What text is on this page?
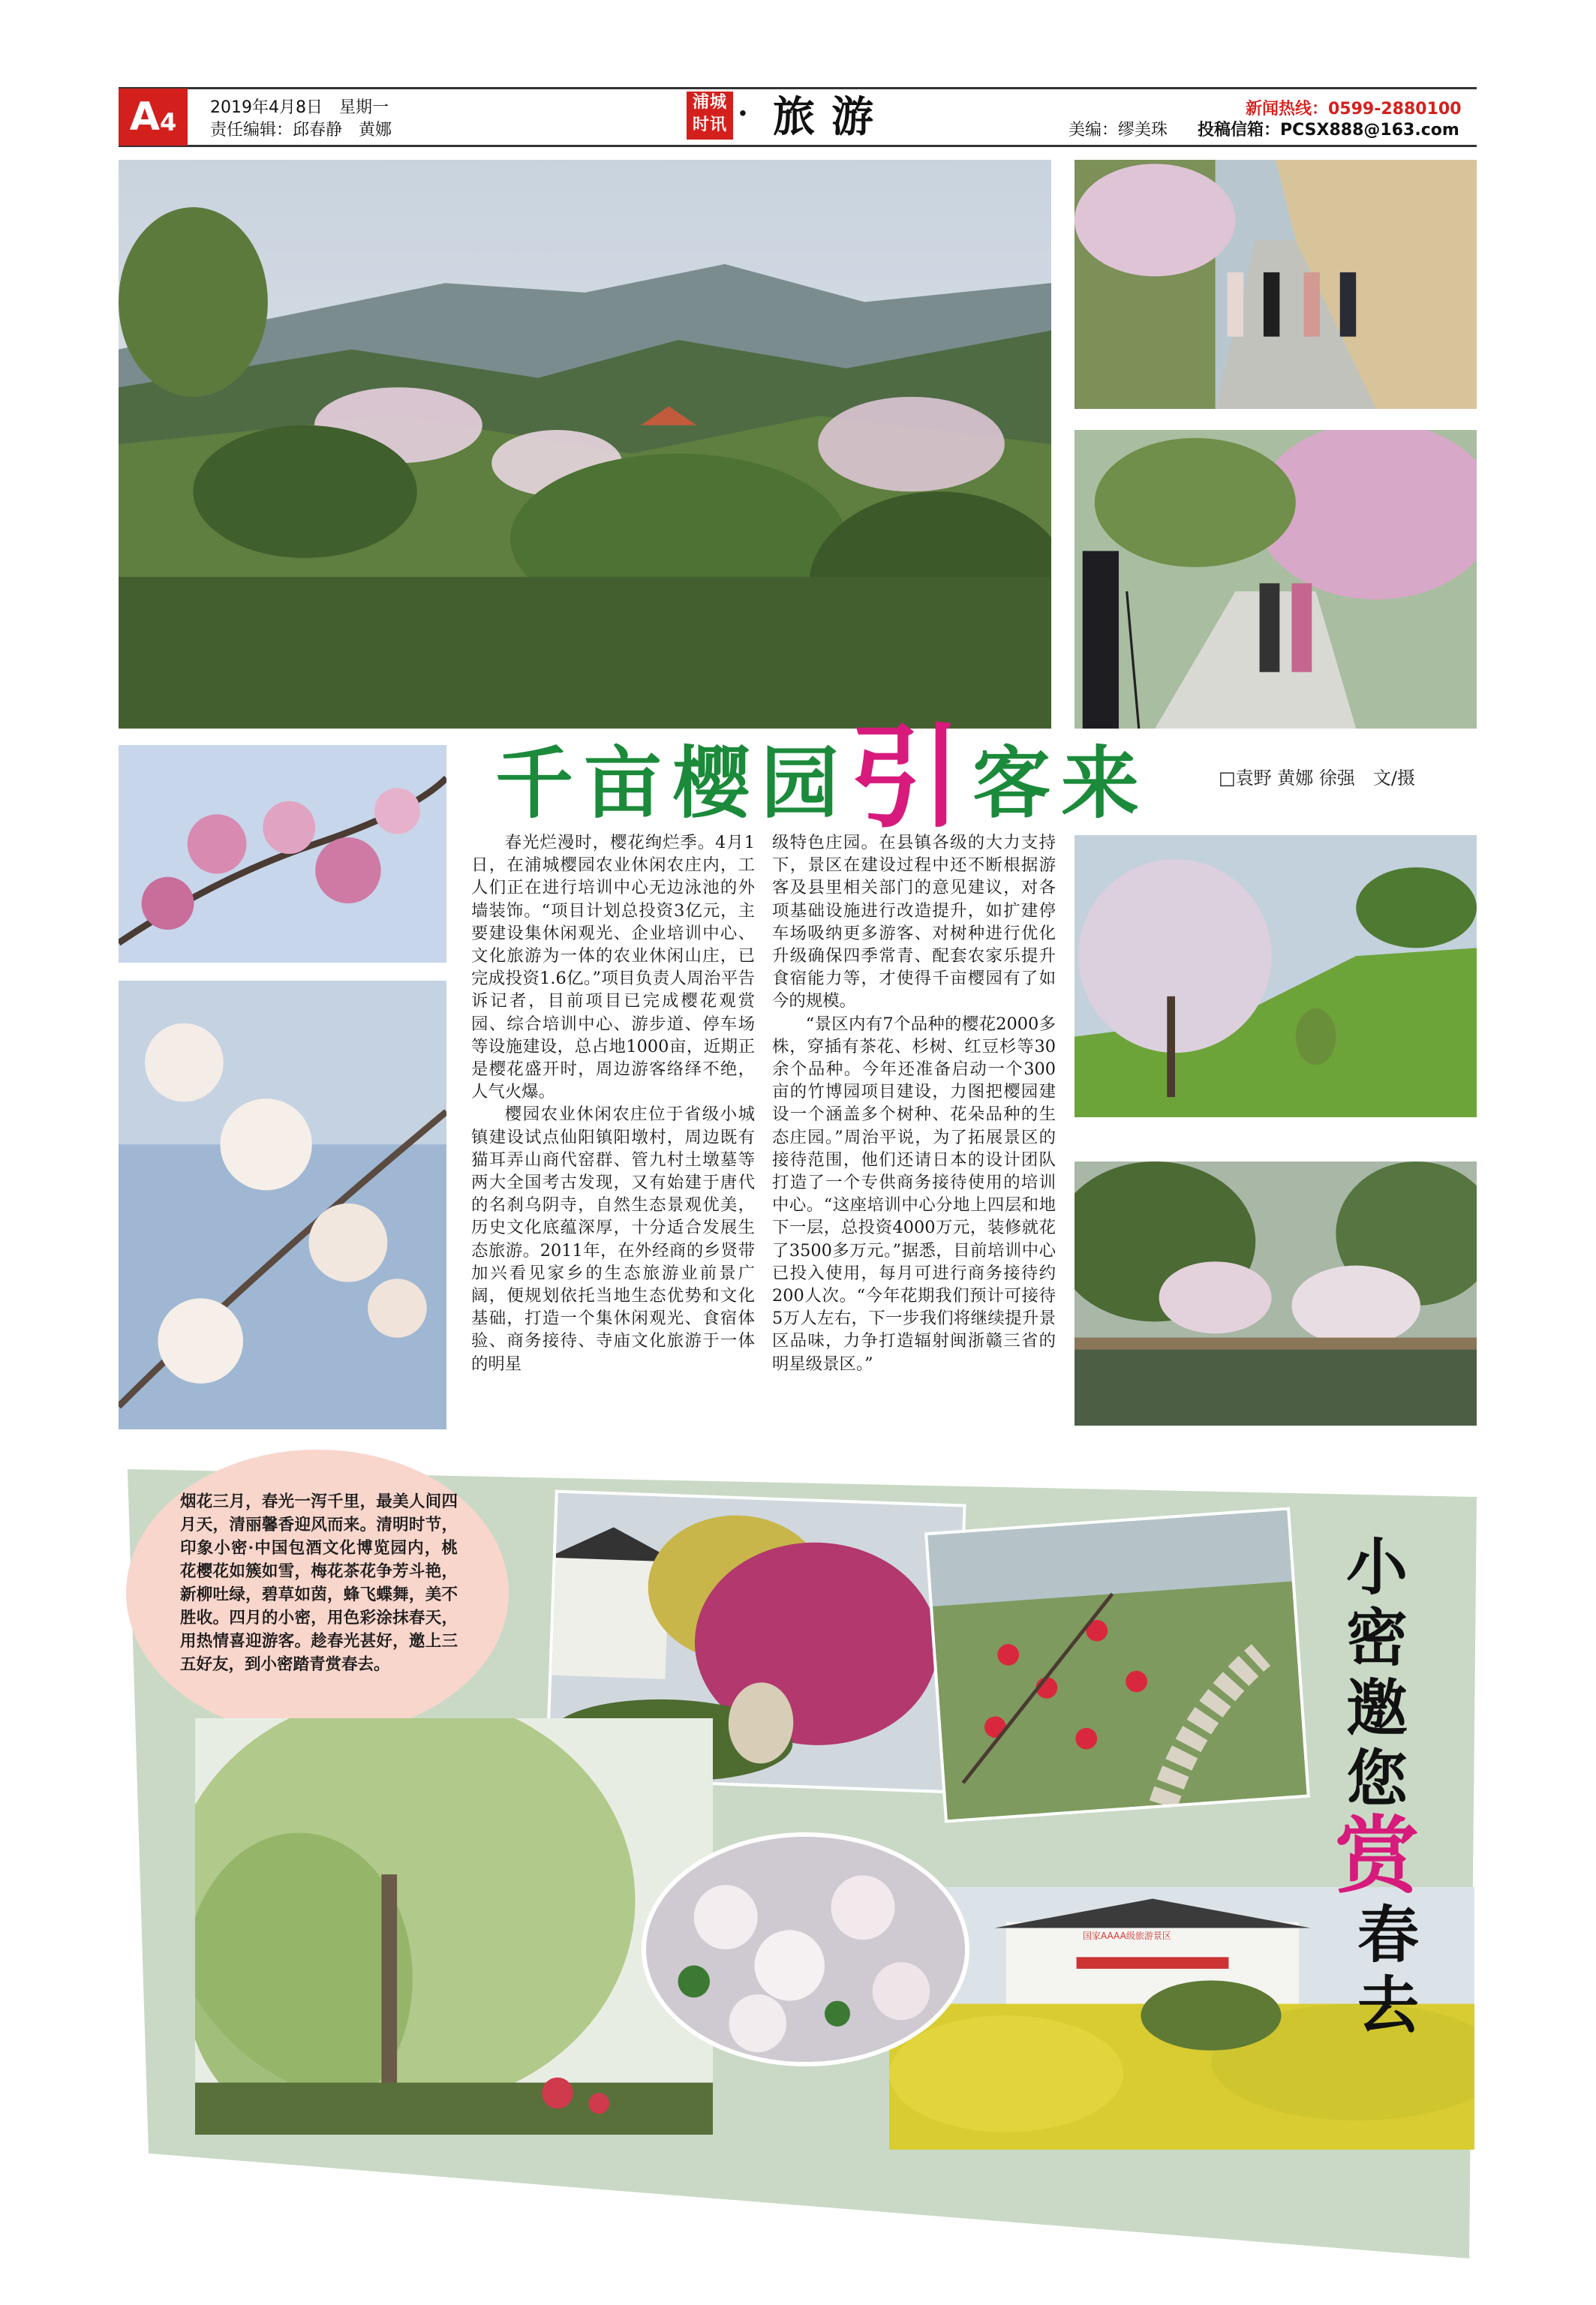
A 4
2019年4月8日　 星期一
责任编辑：邱春静　黄娜
浦城
时讯 · 旅游	美编：缪美珠
新闻热线：0599-2880100
投稿信箱：PCSX888@163.com
千亩樱园引客来	□袁野 黄娜 徐强　文/摄

春光烂漫时，樱花绚烂季。4月1日，在浦城樱园农业休闲农庄内，工人们正在进行培训中心无边泳池的外墙装饰。“项目计划总投资3亿元，主要建设集休闲观光、企业培训中心、文化旅游为一体的农业休闲山庄，已完成投资1.6亿。”项目负责人周治平告诉记者，目前项目已完成樱花观赏园、综合培训中心、游步道、停车场等设施建设，总占地1000亩，近期正是樱花盛开时，周边游客络绎不绝，人气火爆。

樱园农业休闲农庄位于省级小城镇建设试点仙阳镇阳墩村，周边既有猫耳弄山商代窑群、管九村土墩墓等两大全国考古发现，又有始建于唐代的名刹乌阴寺，自然生态景观优美，历史文化底蕴深厚，十分适合发展生态旅游。2011年，在外经商的乡贤带加兴看见家乡的生态旅游业前景广阔，便规划依托当地生态优势和文化基础，打造一个集休闲观光、食宿体验、商务接待、寺庙文化旅游于一体的明星

级特色庄园。在县镇各级的大力支持下，景区在建设过程中还不断根据游客及县里相关部门的意见建议，对各项基础设施进行改造提升，如扩建停车场吸纳更多游客、对树种进行优化升级确保四季常青、配套农家乐提升食宿能力等，才使得千亩樱园有了如今的规模。

“景区内有7个品种的樱花2000多株，穿插有茶花、杉树、红豆杉等30余个品种。今年还准备启动一个300亩的竹博园项目建设，力图把樱园建设一个涵盖多个树种、花朵品种的生态庄园。”周治平说，为了拓展景区的接待范围，他们还请日本的设计团队打造了一个专供商务接待使用的培训中心。“这座培训中心分地上四层和地下一层，总投资4000万元，装修就花了3500多万元。”据悉，目前培训中心已投入使用，每月可进行商务接待约200人次。“今年花期我们预计可接待5万人左右，下一步我们将继续提升景区品味，力争打造辐射闽浙赣三省的明星级景区。”

烟花三月，春光一泻千里，最美人间四月天，清丽馨香迎风而来。清明时节，印象小密·中国包酒文化博览园内，桃花樱花如簇如雪，梅花茶花争芳斗艳，新柳吐绿，碧草如茵，蜂飞蝶舞，美不胜收。四月的小密，用色彩涂抹春天，用热情喜迎游客。趁春光甚好，邀上三五好友，到小密踏青赏春去。
国家AAAA级旅游景区
小
密
邀
您
赏
春
去
